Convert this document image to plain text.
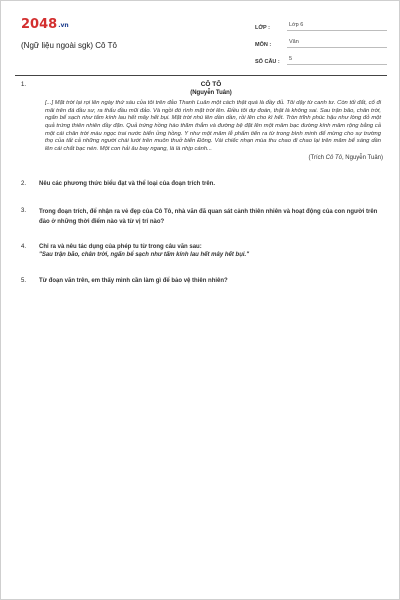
2048.vn
(Ngữ liệu ngoài sgk) Cô Tô
LỚP :	Lớp 6
MÔN :	Văn
SỐ CÂU :	5
1.	CÔ TÔ
(Nguyễn Tuân)
[...] Mặt trời lại rọi lên ngày thứ sáu của tôi trên đảo Thanh Luân một cách thật quá là đầy đủ. Tôi dậy từ canh tư. Còn tối đất, cố đi mãi trên đá đầu sư, ra thấu đầu mũi đảo. Và ngồi đó rình mặt trời lên. Điều tôi dự đoán, thật là không sai. Sau trận bão, chân trời, ngấn bể sạch như tấm kính lau hết mây hết bụi. Mặt trời nhú lên dần dần, rồi lên cho kì hết. Tròn trĩnh phúc hậu như lòng đỏ một quả trứng thiên nhiên đầy đặn. Quả trứng hồng hào thăm thẳm và đường bệ đặt lên một mâm bạc đường kính mâm rộng bằng cả một cái chân trời màu ngọc trai nước biển ửng hồng. Y như một mâm lễ phẩm tiến ra từ trong bình minh để mừng cho sự trường thọ của tất cả những người chài lưới trên muôn thuở biển Đông. Vài chiếc nhạn mùa thu chao đi chao lại trên mâm bể sáng dần lên cái chất bạc nén. Một con hải âu bay ngang, là là nhịp cánh...
(Trích Cô Tô, Nguyễn Tuân)
2. Nêu các phương thức biểu đạt và thể loại của đoạn trích trên.
3. Trong đoạn trích, để nhận ra vẻ đẹp của Cô Tô, nhà văn đã quan sát cảnh thiên nhiên và hoạt động của con người trên đảo ở những thời điểm nào và từ vị trí nào?
4. Chỉ ra và nêu tác dụng của phép tu từ trong câu văn sau:
"Sau trận bão, chân trời, ngấn bể sạch như tấm kính lau hết mây hết bụi."
5. Từ đoạn văn trên, em thấy mình cần làm gì để bảo vệ thiên nhiên?
